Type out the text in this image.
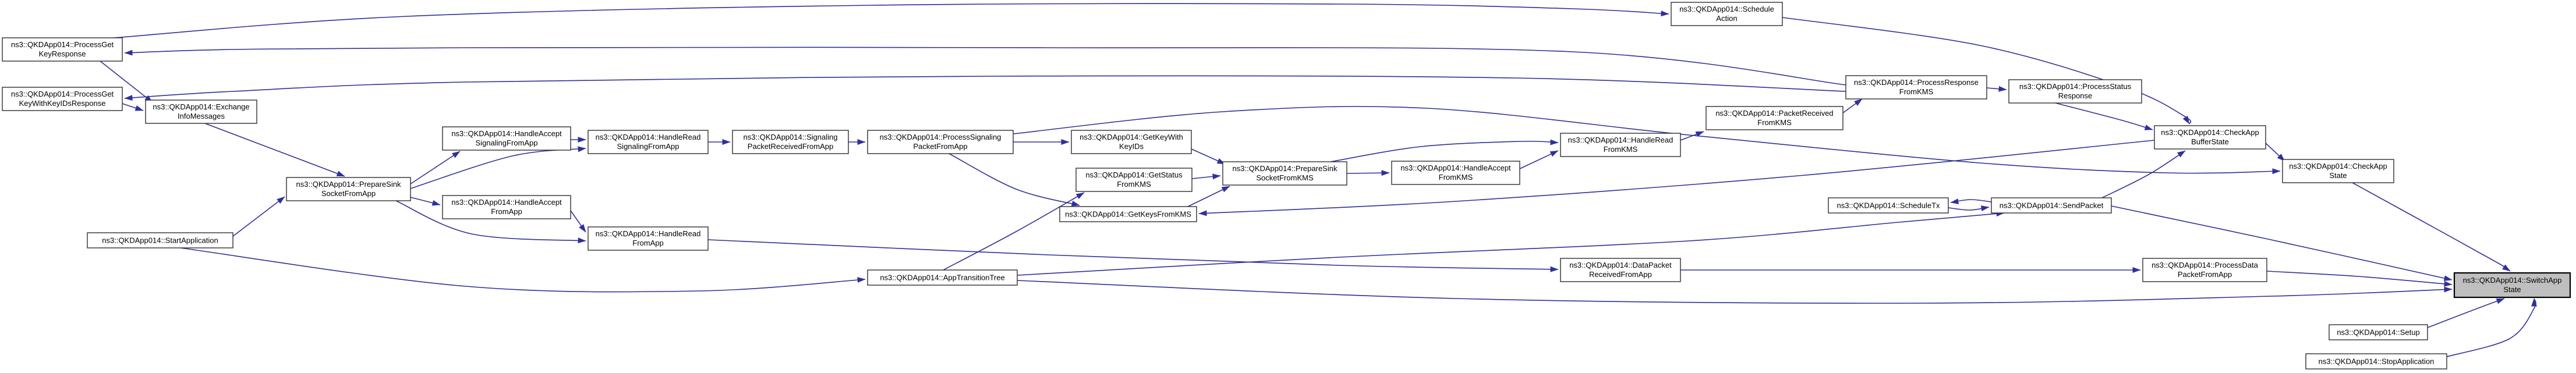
ns3::QKDApp014::ProcessGet KeyResponse
ns3::QKDApp014::ProcessGet KeyWithKeyIDsResponse	ns3::QKDApp014::Exchange InfoMessages
ns3::QKDApp014::PrepareSink SocketFromApp
ns3::QKDApp014::StartApplication
ns3::QKDApp014::HandleAccept SignalingFromApp
ns3::QKDApp014::HandleAccept FromApp
ns3::QKDApp014::HandleRead SignalingFromApp
ns3::QKDApp014::HandleRead FromApp
ns3::QKDApp014::Signaling PacketReceivedFromApp
ns3::QKDApp014::ProcessSignaling PacketFromApp
ns3::QKDApp014::AppTransitionTree
ns3::QKDApp014::GetKeyWith KeyIDs
ns3::QKDApp014::GetStatus FromKMS
ns3::QKDApp014::GetKeysFromKMS
ns3::QKDApp014::PrepareSink SocketFromKMS
ns3::QKDApp014::HandleAccept FromKMS
ns3::QKDApp014::HandleRead FromKMS
ns3::QKDApp014::Schedule Action
ns3::QKDApp014::PacketReceived FromKMS
ns3::QKDApp014::ProcessResponse FromKMS
ns3::QKDApp014::ProcessStatus Response
ns3::QKDApp014::DataPacket ReceivedFromApp
ns3::QKDApp014::ScheduleTx	ns3::QKDApp014::SendPacket
ns3::QKDApp014::ProcessData PacketFromApp
ns3::QKDApp014::CheckApp BufferState
ns3::QKDApp014::CheckApp State
ns3::QKDApp014::SwitchApp State
ns3::QKDApp014::Setup
ns3::QKDApp014::StopApplication
